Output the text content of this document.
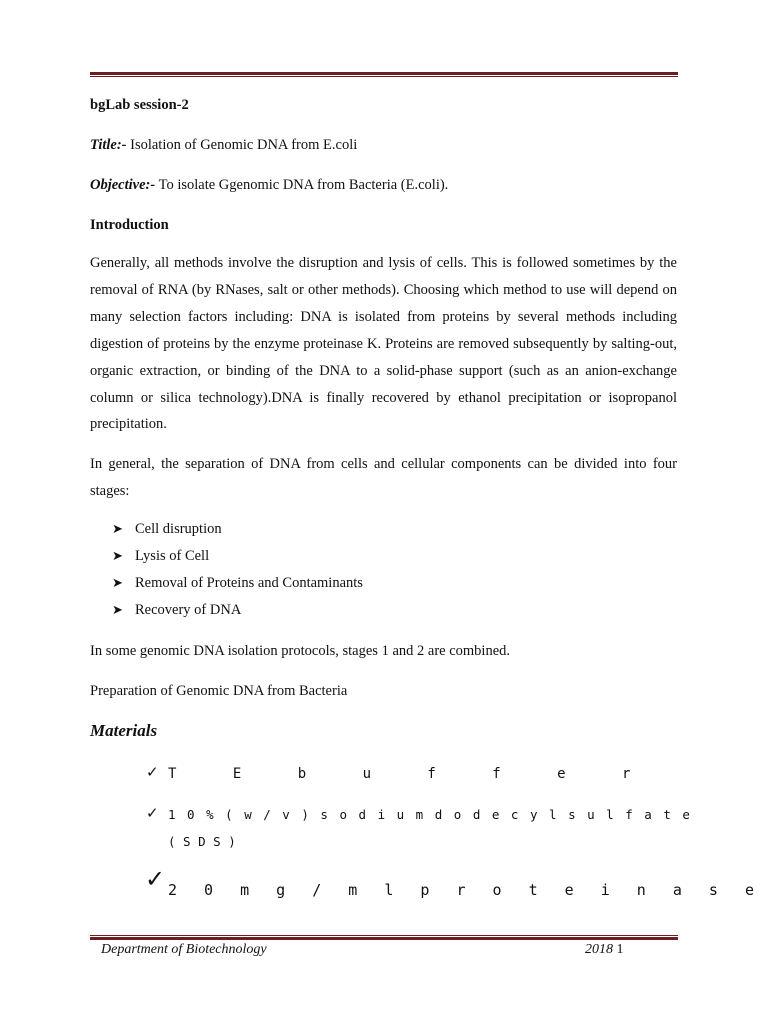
bgLab session-2
Title:- Isolation of Genomic DNA from E.coli
Objective:- To isolate Ggenomic DNA from Bacteria (E.coli).
Introduction
Generally, all methods involve the disruption and lysis of cells. This is followed sometimes by the removal of RNA (by RNases, salt or other methods). Choosing which method to use will depend on many selection factors including: DNA is isolated from proteins by several methods including digestion of proteins by the enzyme proteinase K. Proteins are removed subsequently by salting-out, organic extraction, or binding of the DNA to a solid-phase support (such as an anion-exchange column or silica technology).DNA is finally recovered by ethanol precipitation or isopropanol precipitation.
In general, the separation of DNA from cells and cellular components can be divided into four stages:
➤ Cell disruption
➤ Lysis of Cell
➤ Removal of Proteins and Contaminants
➤ Recovery of DNA
In some genomic DNA isolation protocols, stages 1 and 2 are combined.
Preparation of Genomic DNA from Bacteria
Materials
✓ T E b u f f e r
✓ 1 0 % ( w / v ) s o d i u m d o d e c y l s u l f a t e
( S D S )
✓ 2 0 m g / m l p r o t e i n a s e
Department of Biotechnology	2018 1
